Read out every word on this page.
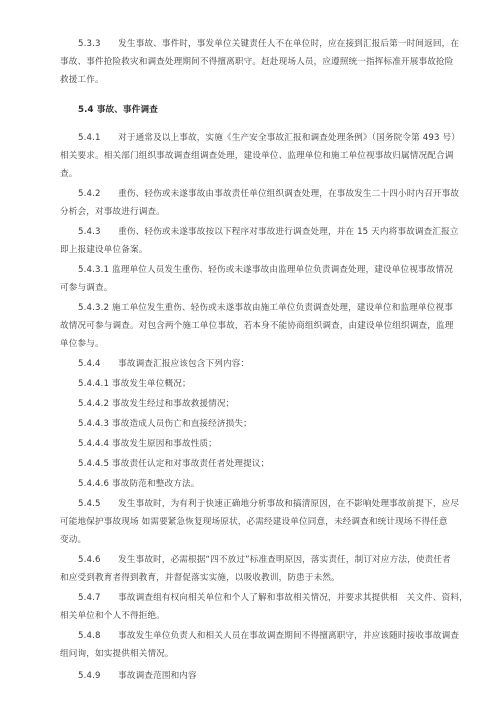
5.3.3　　发生事故、事件时，事发单位关键责任人不在单位时，应在接到汇报后第一时间返回，在
事故、事件抢险救灾和调查处理期间不得擅离职守。赶赴现场人员，应遵照统一指挥标准开展事故抢险
救援工作。
5.4 事故、事件调查
5.4.1　　对于通常及以上事故，实施《生产安全事故汇报和调查处理条例》（国务院令第 493 号）
相关要求。相关部门组织事故调查组调查处理，建设单位、监理单位和施工单位视事故归属情况配合调
查。
5.4.2　　重伤、轻伤或未遂事故由事故责任单位组织调查处理，在事故发生二十四小时内召开事故
分析会，对事故进行调查。
5.4.3　　重伤、轻伤或未遂事故按以下程序对事故进行调查处理，并在 15 天内将事故调查汇报立
即上报建设单位备案。
5.4.3.1 监理单位人员发生重伤、轻伤或未遂事故由监理单位负责调查处理，建设单位视事故情况
可参与调查。
5.4.3.2 施工单位发生重伤、轻伤或未遂事故由施工单位负责调查处理，建设单位和监理单位视事
故情况可参与调查。对包含两个施工单位事故，若本身不能协商组织调查，由建设单位组织调查，监理
单位参与。
5.4.4　　事故调查汇报应该包含下列内容：
5.4.4.1 事故发生单位概况；
5.4.4.2 事故发生经过和事故救援情况；
5.4.4.3 事故造成人员伤亡和直接经济损失；
5.4.4.4 事故发生原因和事故性质；
5.4.4.5 事故责任认定和对事故责任者处理提议；
5.4.4.6 事故防范和整改方法。
5.4.5　　发生事故时，为有利于快速正确地分析事故和搞清原因，在不影响处理事故前提下，应尽
可能地保护事故现场 如需要紧急恢复现场原状，必需经建设单位同意，未经调查和统计现场不得任意
变动。
5.4.6　　发生事故时，必需根据“四不放过”标准查明原因，落实责任，制订对应方法，使责任者
和应受到教育者得到教育，并督促落实实施，以吸收教训，防患于未然。
5.4.7　　事故调查组有权向相关单位和个人了解和事故相关情况，并要求其提供相　关文件、资料，
相关单位和个人不得拒绝。
5.4.8　　事故发生单位负责人和相关人员在事故调查期间不得擅离职守，并应该随时接收事故调查
组问询，如实提供相关情况。
5.4.9　　事故调查范围和内容
